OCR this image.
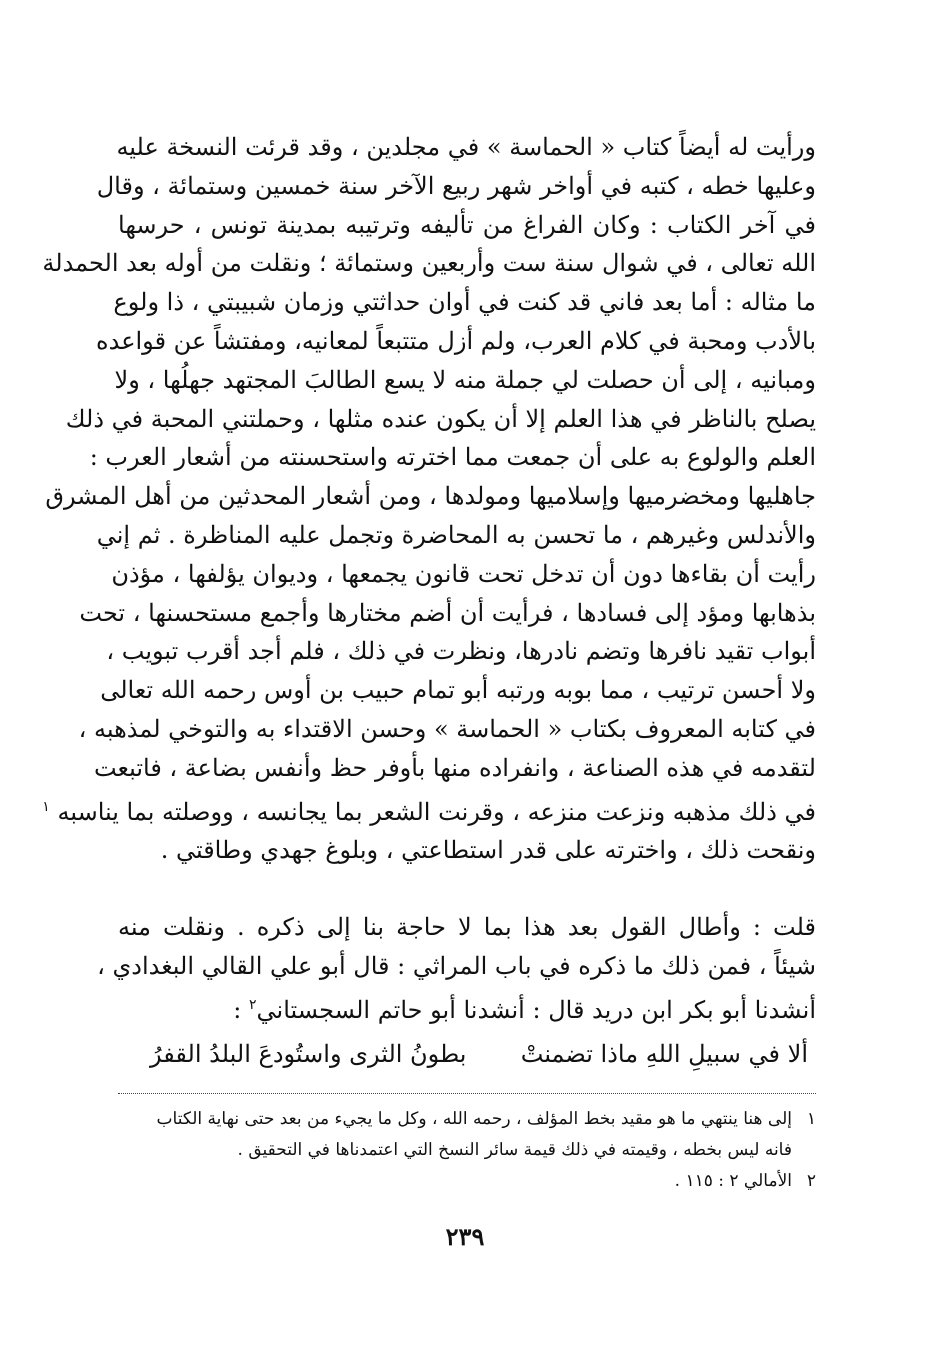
ورأيت له أيضاً كتاب « الحماسة » في مجلدين ، وقد قرئت النسخة عليه
وعليها خطه ، كتبه في أواخر شهر ربيع الآخر سنة خمسين وستمائة ، وقال
في آخر الكتاب : وكان الفراغ من تأليفه وترتيبه بمدينة تونس ، حرسها
الله تعالى ، في شوال سنة ست وأربعين وستمائة ؛ ونقلت من أوله بعد الحمدلة
ما مثاله : أما بعد فاني قد كنت في أوان حداثتي وزمان شبيبتي ، ذا ولوع
بالأدب ومحبة في كلام العرب، ولم أزل متتبعاً لمعانيه، ومفتشاً عن قواعده
ومبانيه ، إلى أن حصلت لي جملة منه لا يسع الطالبَ المجتهد جهلُها ، ولا
يصلح بالناظر في هذا العلم إلا أن يكون عنده مثلها ، وحملتني المحبة في ذلك
العلم والولوع به على أن جمعت مما اخترته واستحسنته من أشعار العرب :
جاهليها ومخضرميها وإسلاميها ومولدها ، ومن أشعار المحدثين من أهل المشرق
والأندلس وغيرهم ، ما تحسن به المحاضرة وتجمل عليه المناظرة . ثم إني
رأيت أن بقاءها دون أن تدخل تحت قانون يجمعها ، وديوان يؤلفها ، مؤذن
بذهابها ومؤد إلى فسادها ، فرأيت أن أضم مختارها وأجمع مستحسنها ، تحت
أبواب تقيد نافرها وتضم نادرها، ونظرت في ذلك ، فلم أجد أقرب تبويب ،
ولا أحسن ترتيب ، مما بوبه ورتبه أبو تمام حبيب بن أوس رحمه الله تعالى
في كتابه المعروف بكتاب « الحماسة » وحسن الاقتداء به والتوخي لمذهبه ،
لتقدمه في هذه الصناعة ، وانفراده منها بأوفر حظ وأنفس بضاعة ، فاتبعت
في ذلك مذهبه ونزعت منزعه ، وقرنت الشعر بما يجانسه ، ووصلته بما يناسبه $^١$
ونقحت ذلك ، واخترته على قدر استطاعتي ، وبلوغ جهدي وطاقتي .
قلت : وأطال القول بعد هذا بما لا حاجة بنا إلى ذكره . ونقلت منه
شيئاً ، فمن ذلك ما ذكره في باب المراثي : قال أبو علي القالي البغدادي ،
أنشدنا أبو بكر ابن دريد قال : أنشدنا أبو حاتم السجستاني$^٢$ :
ألا في سبيلِ اللهِ ماذا تضمنتْ
بطونُ الثرى واستُودعَ البلدُ القفرُ
١إلى هنا ينتهي ما هو مقيد بخط المؤلف ، رحمه الله ، وكل ما يجيء من بعد حتى نهاية الكتاب
فانه ليس بخطه ، وقيمته في ذلك قيمة سائر النسخ التي اعتمدناها في التحقيق .
٢الأمالي ٢ : ١١٥ .
٢٣٩
